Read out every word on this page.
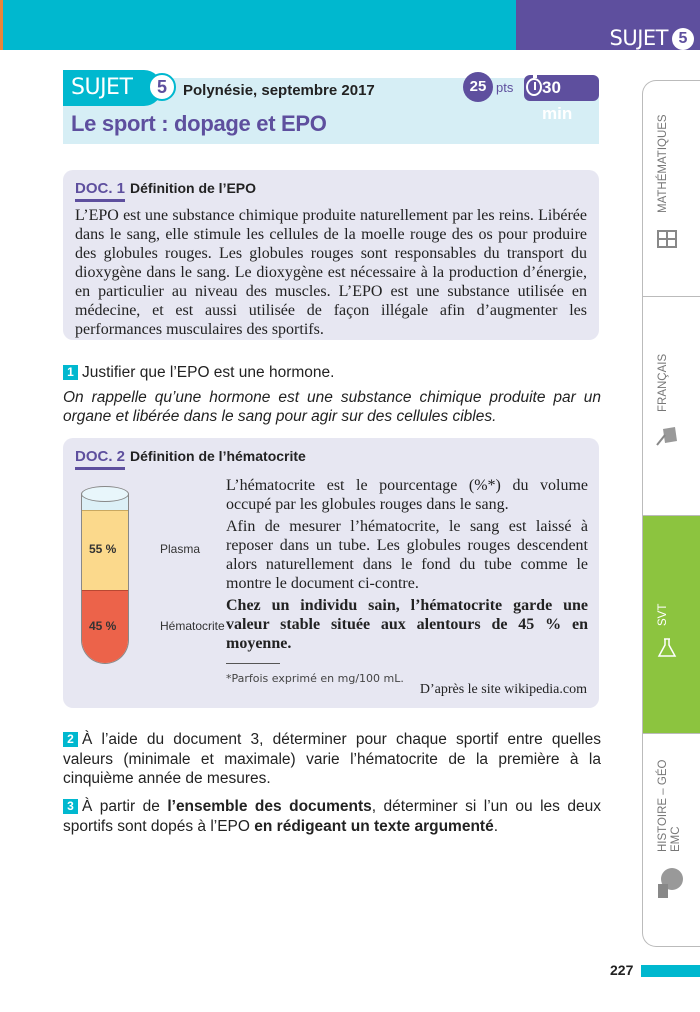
SUJET 5
SUJET	5	Polynésie, septembre 2017
Le sport : dopage et EPO
25 pts	30 min
DOC. 1 Définition de l’EPO

L’EPO est une substance chimique produite naturellement par les reins. Libérée dans le sang, elle stimule les cellules de la moelle rouge des os pour produire des globules rouges. Les globules rouges sont responsables du transport du dioxygène dans le sang. Le dioxygène est nécessaire à la production d’énergie, en particulier au niveau des muscles. L’EPO est une substance utilisée en médecine, et est aussi utilisée de façon illégale afin d’augmenter les performances musculaires des sportifs.

1 Justifier que l’EPO est une hormone.
On rappelle qu’une hormone est une substance chimique produite par un organe et libérée dans le sang pour agir sur des cellules cibles.
DOC. 2 Définition de l’hématocrite
55 %	Plasma
45 %	Hématocrite

L’hématocrite est le pourcentage (%*) du volume occupé par les globules rouges dans le sang.

Afin de mesurer l’hématocrite, le sang est laissé à reposer dans un tube. Les globules rouges descendent alors naturellement dans le fond du tube comme le montre le document ci-contre.

Chez un individu sain, l’hématocrite garde une valeur stable située aux alentours de 45 % en moyenne.

*Parfois exprimé en mg/100 mL.
D’après le site wikipedia.com
2 À l’aide du document 3, déterminer pour chaque sportif entre quelles valeurs (minimale et maximale) varie l’hématocrite de la première à la cinquième année de mesures.
3 À partir de l’ensemble des documents, déterminer si l’un ou les deux sportifs sont dopés à l’EPO en rédigeant un texte argumenté.
MATHÉMATIQUES
FRANÇAIS
SVT
HISTOIRE – GÉO EMC
227
